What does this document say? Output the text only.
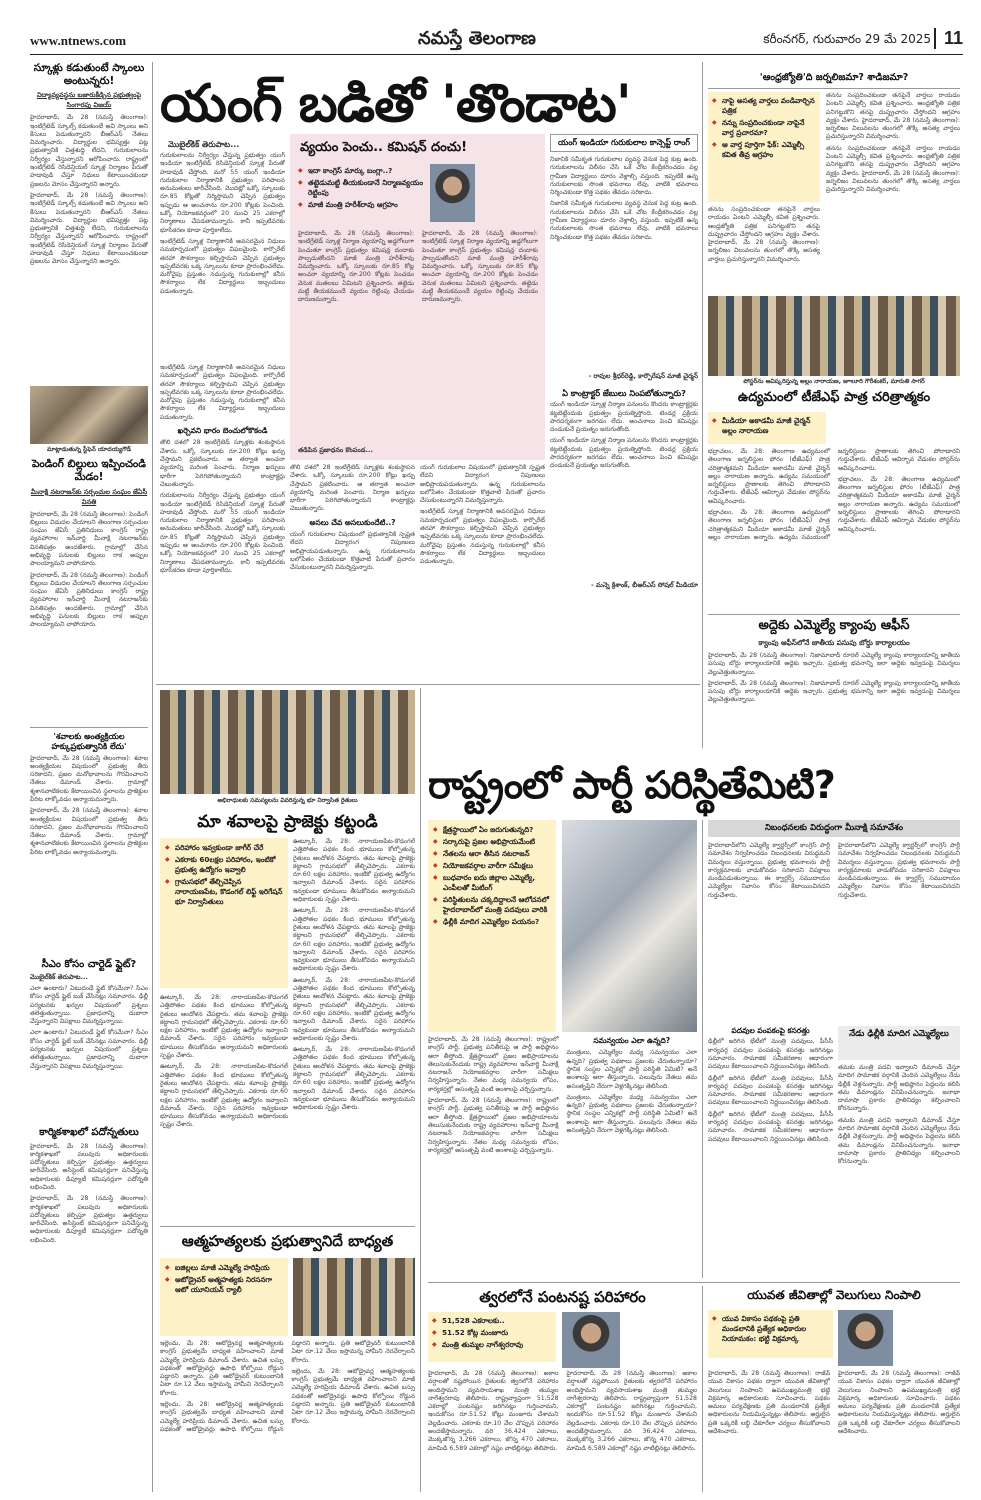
www.ntnews.com	నమస్తే తెలంగాణ	కరీంనగర్, గురువారం 29 మే 2025 11
స్కూళ్లు కడుతుంటే స్కాంలు అంటున్నరు!
విద్యావ్యవస్థను బజారుకీడ్చిన ప్రభుత్వంపై సింగారపు విజయ్

హైదరాబాద్, మే 28 (నమస్తే తెలంగాణ): ఇంటిగ్రేటెడ్ స్కూల్స్ కడుతుంటే అవి స్కాంలు అని కేసులు పెడుతున్నారని బీఆర్ఎస్ నేతలు విమర్శించారు. విద్యార్థుల భవిష్యత్తు పట్ల ప్రభుత్వానికి చిత్తశుద్ధి లేదని, గురుకులాలను నిర్వీర్యం చేస్తున్నారని ఆరోపించారు. రాష్ట్రంలో ఇంటిగ్రేటెడ్ రెసిడెన్షియల్ స్కూళ్ల నిర్మాణం పేరుతో హడావుడి చేస్తూ నిధులు కేటాయించకుండా ప్రజలను మోసం చేస్తున్నారని అన్నారు.

హైదరాబాద్, మే 28 (నమస్తే తెలంగాణ): ఇంటిగ్రేటెడ్ స్కూల్స్ కడుతుంటే అవి స్కాంలు అని కేసులు పెడుతున్నారని బీఆర్ఎస్ నేతలు విమర్శించారు. విద్యార్థుల భవిష్యత్తు పట్ల ప్రభుత్వానికి చిత్తశుద్ధి లేదని, గురుకులాలను నిర్వీర్యం చేస్తున్నారని ఆరోపించారు. రాష్ట్రంలో ఇంటిగ్రేటెడ్ రెసిడెన్షియల్ స్కూళ్ల నిర్మాణం పేరుతో హడావుడి చేస్తూ నిధులు కేటాయించకుండా ప్రజలను మోసం చేస్తున్నారని అన్నారు.

మాట్లాడుతున్న స్టీఫెన్ యాదయ్యగౌడ్
పెండింగ్ బిల్లులు ఇప్పించండి మేడం!
మీనాక్షి నటరాజన్‌కు సర్పంచుల సంఘం జేఏసీ వినతి

హైదరాబాద్, మే 28 (నమస్తే తెలంగాణ): పెండింగ్ బిల్లులు విడుదల చేయాలని తెలంగాణ సర్పంచుల సంఘం జేఏసీ ప్రతినిధులు కాంగ్రెస్ రాష్ట్ర వ్యవహారాల ఇన్‌చార్జి మీనాక్షి నటరాజన్‌కు వినతిపత్రం అందజేశారు. గ్రామాల్లో చేసిన అభివృద్ధి పనులకు బిల్లులు రాక అప్పుల పాలయ్యామని వాపోయారు.

హైదరాబాద్, మే 28 (నమస్తే తెలంగాణ): పెండింగ్ బిల్లులు విడుదల చేయాలని తెలంగాణ సర్పంచుల సంఘం జేఏసీ ప్రతినిధులు కాంగ్రెస్ రాష్ట్ర వ్యవహారాల ఇన్‌చార్జి మీనాక్షి నటరాజన్‌కు వినతిపత్రం అందజేశారు. గ్రామాల్లో చేసిన అభివృద్ధి పనులకు బిల్లులు రాక అప్పుల పాలయ్యామని వాపోయారు.

'శవాలకు అంత్యక్రియల హక్కుప్రభుత్వానికి లేదు'

హైదరాబాద్, మే 28 (నమస్తే తెలంగాణ): శవాల అంత్యక్రియల విషయంలో ప్రభుత్వ తీరు సరికాదని, ప్రజల మనోభావాలను గౌరవించాలని నేతలు డిమాండ్ చేశారు. గ్రామాల్లో శ్మశానవాటికలకు కేటాయించిన స్థలాలను ప్రాజెక్టుల పేరిట లాక్కోవడం అన్యాయమన్నారు.

హైదరాబాద్, మే 28 (నమస్తే తెలంగాణ): శవాల అంత్యక్రియల విషయంలో ప్రభుత్వ తీరు సరికాదని, ప్రజల మనోభావాలను గౌరవించాలని నేతలు డిమాండ్ చేశారు. గ్రామాల్లో శ్మశానవాటికలకు కేటాయించిన స్థలాలను ప్రాజెక్టుల పేరిట లాక్కోవడం అన్యాయమన్నారు.

సీఎం కోసం చార్టెడ్ ఫ్లైట్?
మొబైల్‌కిక్ తెరుపాట...

ఎలా ఉంటారు? ఏటుదండే ఫ్లైట్ కోసమేనా? సీఎం కోసం చార్టెడ్ ఫ్లైట్ బుక్ చేసినట్లు సమాచారం. ఢిల్లీ పర్యటనకు ఖర్చుల విషయంలో ప్రశ్నలు తలెత్తుతున్నాయి. ప్రజాధనాన్ని దుబారా చేస్తున్నారని విపక్షాలు విమర్శిస్తున్నాయి.

ఎలా ఉంటారు? ఏటుదండే ఫ్లైట్ కోసమేనా? సీఎం కోసం చార్టెడ్ ఫ్లైట్ బుక్ చేసినట్లు సమాచారం. ఢిల్లీ పర్యటనకు ఖర్చుల విషయంలో ప్రశ్నలు తలెత్తుతున్నాయి. ప్రజాధనాన్ని దుబారా చేస్తున్నారని విపక్షాలు విమర్శిస్తున్నాయి.

కార్మికశాఖలో పదోన్నతులు

హైదరాబాద్, మే 28 (నమస్తే తెలంగాణ): కార్మికశాఖలో పలువురు అధికారులకు పదోన్నతులు కల్పిస్తూ ప్రభుత్వం ఉత్తర్వులు జారీచేసింది. అసిస్టెంట్ కమిషనర్లుగా పనిచేస్తున్న అధికారులకు డిప్యూటీ కమిషనర్లుగా పదోన్నతి లభించింది.

హైదరాబాద్, మే 28 (నమస్తే తెలంగాణ): కార్మికశాఖలో పలువురు అధికారులకు పదోన్నతులు కల్పిస్తూ ప్రభుత్వం ఉత్తర్వులు జారీచేసింది. అసిస్టెంట్ కమిషనర్లుగా పనిచేస్తున్న అధికారులకు డిప్యూటీ కమిషనర్లుగా పదోన్నతి లభించింది.

యంగ్ బడితో 'తొండాట'
మొబైల్‌కిక్ తెరుపాట...

గురుకులాలను నిర్వీర్యం చేస్తున్న ప్రభుత్వం యంగ్ ఇండియా ఇంటిగ్రేటెడ్ రెసిడెన్షియల్ స్కూళ్ల పేరుతో హడావుడి చేస్తోంది. మరో 55 యంగ్ ఇండియా గురుకులాల నిర్మాణానికి ప్రభుత్వం పరిపాలన అనుమతులు జారీచేసింది. మొదట్లో ఒక్కో స్కూలుకు రూ.85 కోట్లతో నిర్మిస్తామని చెప్పిన ప్రభుత్వం ఇప్పుడు ఆ అంచనాను రూ.200 కోట్లకు పెంచింది. ఒక్కో నియోజకవర్గంలో 20 నుంచి 25 ఎకరాల్లో నిర్మాణాలు చేపడతామన్నారు. కానీ ఇప్పటివరకు భూసేకరణ కూడా పూర్తికాలేదు.

ఇంటిగ్రేటెడ్ స్కూళ్ల నిర్మాణానికి అవసరమైన నిధులు సమకూర్చడంలో ప్రభుత్వం విఫలమైంది. కార్పొరేట్ తరహా సౌకర్యాలు కల్పిస్తామని చెప్పిన ప్రభుత్వం ఇప్పటివరకు ఒక్క స్కూలును కూడా ప్రారంభించలేదు. మరోవైపు ప్రస్తుతం నడుస్తున్న గురుకులాల్లో కనీస సౌకర్యాలు లేక విద్యార్థులు ఇబ్బందులు పడుతున్నారు.

వ్యయం పెంచు.. కమిషన్ దంచు!
◆ ఇదా కాంగ్రెస్ మార్కు బంగ్లా..?
◆ తట్టెడుమట్టి తీయకుండానే నిర్మాణవ్యయం రెట్టింపు
◆ మాజీ మంత్రి హరీశ్‌రావు ఆగ్రహం

హైదరాబాద్, మే 28 (నమస్తే తెలంగాణ): ఇంటిగ్రేటెడ్ స్కూళ్ల నిర్మాణ వ్యయాన్ని అడ్డగోలుగా పెంచుతూ కాంగ్రెస్ ప్రభుత్వం కమిషన్ల దందాకు పాల్పడుతోందని మాజీ మంత్రి హరీశ్‌రావు విమర్శించారు. ఒక్కో స్కూలుకు రూ.85 కోట్ల అంచనా వ్యయాన్ని రూ.200 కోట్లకు పెంచడం వెనుక మతలబు ఏమిటని ప్రశ్నించారు. తట్టెడు మట్టి తీయకముందే వ్యయం రెట్టింపు చేయడం దారుణమన్నారు.

హైదరాబాద్, మే 28 (నమస్తే తెలంగాణ): ఇంటిగ్రేటెడ్ స్కూళ్ల నిర్మాణ వ్యయాన్ని అడ్డగోలుగా పెంచుతూ కాంగ్రెస్ ప్రభుత్వం కమిషన్ల దందాకు పాల్పడుతోందని మాజీ మంత్రి హరీశ్‌రావు విమర్శించారు. ఒక్కో స్కూలుకు రూ.85 కోట్ల అంచనా వ్యయాన్ని రూ.200 కోట్లకు పెంచడం వెనుక మతలబు ఏమిటని ప్రశ్నించారు. తట్టెడు మట్టి తీయకముందే వ్యయం రెట్టింపు చేయడం దారుణమన్నారు.

తడిపిన ప్రజాధనం కొంపండ...
యంగ్ ఇండియా గురుకులాల కాన్సెప్ట్ రాంగ్

నిజానికి సమీకృత గురుకులాల వ్యవస్థ వెనుక పెద్ద కుట్ర ఉంది. గురుకులాలను విలీనం చేసి ఒకే చోట కేంద్రీకరించడం వల్ల గ్రామీణ విద్యార్థులు దూరం వెళ్లాల్సి వస్తుంది. ఇప్పటికే ఉన్న గురుకులాలకు సొంత భవనాలు లేవు. వాటికి భవనాలు నిర్మించకుండా కొత్త పథకం తేవడం సరికాదు.

నిజానికి సమీకృత గురుకులాల వ్యవస్థ వెనుక పెద్ద కుట్ర ఉంది. గురుకులాలను విలీనం చేసి ఒకే చోట కేంద్రీకరించడం వల్ల గ్రామీణ విద్యార్థులు దూరం వెళ్లాల్సి వస్తుంది. ఇప్పటికే ఉన్న గురుకులాలకు సొంత భవనాలు లేవు. వాటికి భవనాలు నిర్మించకుండా కొత్త పథకం తేవడం సరికాదు.

- రావుల శ్రీధర్‌రెడ్డి, కార్పొరేషన్ మాజీ చైర్మన్
ఏ కాంట్రాక్టర్ జేబులు నింపబోతున్నారు?

యంగ్ ఇండియా స్కూళ్ల నిర్మాణ పనులను కొందరు కాంట్రాక్టర్లకు కట్టబెట్టేందుకు ప్రభుత్వం ప్రయత్నిస్తోంది. టెండర్ల ప్రక్రియ పారదర్శకంగా జరగడం లేదు. అంచనాలు పెంచి కమిషన్లు దండుకునే ప్రయత్నం జరుగుతోంది.

యంగ్ ఇండియా స్కూళ్ల నిర్మాణ పనులను కొందరు కాంట్రాక్టర్లకు కట్టబెట్టేందుకు ప్రభుత్వం ప్రయత్నిస్తోంది. టెండర్ల ప్రక్రియ పారదర్శకంగా జరగడం లేదు. అంచనాలు పెంచి కమిషన్లు దండుకునే ప్రయత్నం జరుగుతోంది.

- మన్నె క్రిశాంక్, బీఆర్ఎస్ సోషల్ మీడియా

ఇంటిగ్రేటెడ్ స్కూళ్ల నిర్మాణానికి అవసరమైన నిధులు సమకూర్చడంలో ప్రభుత్వం విఫలమైంది. కార్పొరేట్ తరహా సౌకర్యాలు కల్పిస్తామని చెప్పిన ప్రభుత్వం ఇప్పటివరకు ఒక్క స్కూలును కూడా ప్రారంభించలేదు. మరోవైపు ప్రస్తుతం నడుస్తున్న గురుకులాల్లో కనీస సౌకర్యాలు లేక విద్యార్థులు ఇబ్బందులు పడుతున్నారు.

ఖర్చెవని భారం బెంచులోకొకండి

తొలి దశలో 28 ఇంటిగ్రేటెడ్ స్కూళ్లకు శంకుస్థాపన చేశారు. ఒక్కో స్కూలుకు రూ.200 కోట్లు ఖర్చు చేస్తామని ప్రకటించారు. ఆ తర్వాత అంచనా వ్యయాన్ని మరింత పెంచారు. నిర్మాణ ఖర్చులు భారీగా పెరిగిపోతున్నాయని కాంట్రాక్టర్లు చెబుతున్నారు.

గురుకులాలను నిర్వీర్యం చేస్తున్న ప్రభుత్వం యంగ్ ఇండియా ఇంటిగ్రేటెడ్ రెసిడెన్షియల్ స్కూళ్ల పేరుతో హడావుడి చేస్తోంది. మరో 55 యంగ్ ఇండియా గురుకులాల నిర్మాణానికి ప్రభుత్వం పరిపాలన అనుమతులు జారీచేసింది. మొదట్లో ఒక్కో స్కూలుకు రూ.85 కోట్లతో నిర్మిస్తామని చెప్పిన ప్రభుత్వం ఇప్పుడు ఆ అంచనాను రూ.200 కోట్లకు పెంచింది. ఒక్కో నియోజకవర్గంలో 20 నుంచి 25 ఎకరాల్లో నిర్మాణాలు చేపడతామన్నారు. కానీ ఇప్పటివరకు భూసేకరణ కూడా పూర్తికాలేదు.

తొలి దశలో 28 ఇంటిగ్రేటెడ్ స్కూళ్లకు శంకుస్థాపన చేశారు. ఒక్కో స్కూలుకు రూ.200 కోట్లు ఖర్చు చేస్తామని ప్రకటించారు. ఆ తర్వాత అంచనా వ్యయాన్ని మరింత పెంచారు. నిర్మాణ ఖర్చులు భారీగా పెరిగిపోతున్నాయని కాంట్రాక్టర్లు చెబుతున్నారు.

అసలు చేవ అసలుకుందేటి..?

యంగ్ గురుకులాల విషయంలో ప్రభుత్వానికి స్పష్టత లేదని విద్యారంగ నిపుణులు అభిప్రాయపడుతున్నారు. ఉన్న గురుకులాలను బలోపేతం చేయకుండా కొత్తవాటి పేరుతో ప్రచారం చేసుకుంటున్నారని విమర్శిస్తున్నారు.

యంగ్ గురుకులాల విషయంలో ప్రభుత్వానికి స్పష్టత లేదని విద్యారంగ నిపుణులు అభిప్రాయపడుతున్నారు. ఉన్న గురుకులాలను బలోపేతం చేయకుండా కొత్తవాటి పేరుతో ప్రచారం చేసుకుంటున్నారని విమర్శిస్తున్నారు.

ఇంటిగ్రేటెడ్ స్కూళ్ల నిర్మాణానికి అవసరమైన నిధులు సమకూర్చడంలో ప్రభుత్వం విఫలమైంది. కార్పొరేట్ తరహా సౌకర్యాలు కల్పిస్తామని చెప్పిన ప్రభుత్వం ఇప్పటివరకు ఒక్క స్కూలును కూడా ప్రారంభించలేదు. మరోవైపు ప్రస్తుతం నడుస్తున్న గురుకులాల్లో కనీస సౌకర్యాలు లేక విద్యార్థులు ఇబ్బందులు పడుతున్నారు.

'ఆంధ్రజ్యోతి'ది జర్నలిజమా? శాడిజమా?
◆ నాపై అసత్య వార్తలు వండివార్చిన పత్రిక
◆ నన్ను సంప్రదించకుండా నాపైనే వార్త ప్రచారమా?
◆ ఆ వార్త పూర్తిగా ఫేక్: ఎమ్మెల్సీ కవిత తీవ్ర ఆగ్రహం

తనను సంప్రదించకుండా తనపైనే వార్తలు రాయడం ఏంటని ఎమ్మెల్సీ కవిత ప్రశ్నించారు. ఆంధ్రజ్యోతి పత్రిక పనిగట్టుకొని తనపై దుష్ప్రచారం చేస్తోందని ఆగ్రహం వ్యక్తం చేశారు. హైదరాబాద్, మే 28 (నమస్తే తెలంగాణ): జర్నలిజం విలువలను తుంగలో తొక్కి అసత్య వార్తలు ప్రచురిస్తున్నారని విమర్శించారు.

తనను సంప్రదించకుండా తనపైనే వార్తలు రాయడం ఏంటని ఎమ్మెల్సీ కవిత ప్రశ్నించారు. ఆంధ్రజ్యోతి పత్రిక పనిగట్టుకొని తనపై దుష్ప్రచారం చేస్తోందని ఆగ్రహం వ్యక్తం చేశారు. హైదరాబాద్, మే 28 (నమస్తే తెలంగాణ): జర్నలిజం విలువలను తుంగలో తొక్కి అసత్య వార్తలు ప్రచురిస్తున్నారని విమర్శించారు.

తనను సంప్రదించకుండా తనపైనే వార్తలు రాయడం ఏంటని ఎమ్మెల్సీ కవిత ప్రశ్నించారు. ఆంధ్రజ్యోతి పత్రిక పనిగట్టుకొని తనపై దుష్ప్రచారం చేస్తోందని ఆగ్రహం వ్యక్తం చేశారు. హైదరాబాద్, మే 28 (నమస్తే తెలంగాణ): జర్నలిజం విలువలను తుంగలో తొక్కి అసత్య వార్తలు ప్రచురిస్తున్నారని విమర్శించారు.

పోస్టర్‌ను ఆవిష్కరిస్తున్న అల్లం నారాయణ, జూలూరి గౌరీశంకర్, మారుతి సాగర్
ఉద్యమంలో టీజేఎఫ్ పాత్ర చరిత్రాత్మకం
◆ మీడియా అకాడమీ మాజీ చైర్మన్ అల్లం నారాయణ

భద్రాచలం, మే 28: తెలంగాణ ఉద్యమంలో తెలంగాణ జర్నలిస్టుల ఫోరం (టీజేఎఫ్) పాత్ర చరిత్రాత్మకమని మీడియా అకాడమీ మాజీ చైర్మన్ అల్లం నారాయణ అన్నారు. ఉద్యమ సమయంలో జర్నలిస్టులు ప్రాణాలకు తెగించి పోరాడారని గుర్తుచేశారు. టీజేఎఫ్ ఆవిర్భావ వేడుకల పోస్టర్‌ను ఆవిష్కరించారు.

భద్రాచలం, మే 28: తెలంగాణ ఉద్యమంలో తెలంగాణ జర్నలిస్టుల ఫోరం (టీజేఎఫ్) పాత్ర చరిత్రాత్మకమని మీడియా అకాడమీ మాజీ చైర్మన్ అల్లం నారాయణ అన్నారు. ఉద్యమ సమయంలో జర్నలిస్టులు ప్రాణాలకు తెగించి పోరాడారని గుర్తుచేశారు. టీజేఎఫ్ ఆవిర్భావ వేడుకల పోస్టర్‌ను ఆవిష్కరించారు.

భద్రాచలం, మే 28: తెలంగాణ ఉద్యమంలో తెలంగాణ జర్నలిస్టుల ఫోరం (టీజేఎఫ్) పాత్ర చరిత్రాత్మకమని మీడియా అకాడమీ మాజీ చైర్మన్ అల్లం నారాయణ అన్నారు. ఉద్యమ సమయంలో జర్నలిస్టులు ప్రాణాలకు తెగించి పోరాడారని గుర్తుచేశారు. టీజేఎఫ్ ఆవిర్భావ వేడుకల పోస్టర్‌ను ఆవిష్కరించారు.

అద్దెకు ఎమ్మెల్యే క్యాంపు ఆఫీస్
క్యాంపు ఆఫీస్‌లోనే జాతీయ పసుపు బోర్డు కార్యాలయం

హైదరాబాద్, మే 28 (నమస్తే తెలంగాణ): నిజామాబాద్ రూరల్ ఎమ్మెల్యే క్యాంపు కార్యాలయాన్ని జాతీయ పసుపు బోర్డు కార్యాలయానికి అద్దెకు ఇచ్చారు. ప్రభుత్వ భవనాన్ని ఇలా అద్దెకు ఇవ్వడంపై విమర్శలు వెల్లువెత్తుతున్నాయి.

హైదరాబాద్, మే 28 (నమస్తే తెలంగాణ): నిజామాబాద్ రూరల్ ఎమ్మెల్యే క్యాంపు కార్యాలయాన్ని జాతీయ పసుపు బోర్డు కార్యాలయానికి అద్దెకు ఇచ్చారు. ప్రభుత్వ భవనాన్ని ఇలా అద్దెకు ఇవ్వడంపై విమర్శలు వెల్లువెత్తుతున్నాయి.

అభిరాధులకు సమస్యలను వివరిస్తున్న భూ నిర్వాసిత రైతులు
మా శవాలపై ప్రాజెక్టు కట్టండి
◆ పరిహారం ఇవ్వకుండా జాగీర్ చేరే
◆ ఎకరాకు 60లక్షల పరిహారం, ఇంటికో ప్రభుత్వ ఉద్యోగం ఇవ్వాలి
◆ గ్రామసభలో తేల్చిచెప్పిన నారాయణపేట, కొడంగల్ లిఫ్ట్ ఇరిగేషన్ భూ నిర్వాసితులు

ఊట్కూర్, మే 28: నారాయణపేట-కొడంగల్ ఎత్తిపోతల పథకం కింద భూములు కోల్పోతున్న రైతులు ఆందోళన చేపట్టారు. తమ శవాలపై ప్రాజెక్టు కట్టాలని గ్రామసభలో తేల్చిచెప్పారు. ఎకరాకు రూ.60 లక్షల పరిహారం, ఇంటికో ప్రభుత్వ ఉద్యోగం ఇవ్వాలని డిమాండ్ చేశారు. సరైన పరిహారం ఇవ్వకుండా భూములు తీసుకోవడం అన్యాయమని అధికారులకు స్పష్టం చేశారు.

ఊట్కూర్, మే 28: నారాయణపేట-కొడంగల్ ఎత్తిపోతల పథకం కింద భూములు కోల్పోతున్న రైతులు ఆందోళన చేపట్టారు. తమ శవాలపై ప్రాజెక్టు కట్టాలని గ్రామసభలో తేల్చిచెప్పారు. ఎకరాకు రూ.60 లక్షల పరిహారం, ఇంటికో ప్రభుత్వ ఉద్యోగం ఇవ్వాలని డిమాండ్ చేశారు. సరైన పరిహారం ఇవ్వకుండా భూములు తీసుకోవడం అన్యాయమని అధికారులకు స్పష్టం చేశారు.

ఊట్కూర్, మే 28: నారాయణపేట-కొడంగల్ ఎత్తిపోతల పథకం కింద భూములు కోల్పోతున్న రైతులు ఆందోళన చేపట్టారు. తమ శవాలపై ప్రాజెక్టు కట్టాలని గ్రామసభలో తేల్చిచెప్పారు. ఎకరాకు రూ.60 లక్షల పరిహారం, ఇంటికో ప్రభుత్వ ఉద్యోగం ఇవ్వాలని డిమాండ్ చేశారు. సరైన పరిహారం ఇవ్వకుండా భూములు తీసుకోవడం అన్యాయమని అధికారులకు స్పష్టం చేశారు.

ఊట్కూర్, మే 28: నారాయణపేట-కొడంగల్ ఎత్తిపోతల పథకం కింద భూములు కోల్పోతున్న రైతులు ఆందోళన చేపట్టారు. తమ శవాలపై ప్రాజెక్టు కట్టాలని గ్రామసభలో తేల్చిచెప్పారు. ఎకరాకు రూ.60 లక్షల పరిహారం, ఇంటికో ప్రభుత్వ ఉద్యోగం ఇవ్వాలని డిమాండ్ చేశారు. సరైన పరిహారం ఇవ్వకుండా భూములు తీసుకోవడం అన్యాయమని అధికారులకు స్పష్టం చేశారు.

ఊట్కూర్, మే 28: నారాయణపేట-కొడంగల్ ఎత్తిపోతల పథకం కింద భూములు కోల్పోతున్న రైతులు ఆందోళన చేపట్టారు. తమ శవాలపై ప్రాజెక్టు కట్టాలని గ్రామసభలో తేల్చిచెప్పారు. ఎకరాకు రూ.60 లక్షల పరిహారం, ఇంటికో ప్రభుత్వ ఉద్యోగం ఇవ్వాలని డిమాండ్ చేశారు. సరైన పరిహారం ఇవ్వకుండా భూములు తీసుకోవడం అన్యాయమని అధికారులకు స్పష్టం చేశారు.

ఊట్కూర్, మే 28: నారాయణపేట-కొడంగల్ ఎత్తిపోతల పథకం కింద భూములు కోల్పోతున్న రైతులు ఆందోళన చేపట్టారు. తమ శవాలపై ప్రాజెక్టు కట్టాలని గ్రామసభలో తేల్చిచెప్పారు. ఎకరాకు రూ.60 లక్షల పరిహారం, ఇంటికో ప్రభుత్వ ఉద్యోగం ఇవ్వాలని డిమాండ్ చేశారు. సరైన పరిహారం ఇవ్వకుండా భూములు తీసుకోవడం అన్యాయమని అధికారులకు స్పష్టం చేశారు.

ఆత్మహత్యలకు ప్రభుత్వానిదే బాధ్యత
◆ ఐజిల్లలు మాజీ ఎమ్మెల్యే హరిప్రియ
◆ ఆటోడ్రైవర్ ఆత్మహత్యకు నిరసనగా ఆటో యూనియన్ ర్యాలీ

ఇల్లెందు, మే 28: ఆటోడ్రైవర్ల ఆత్మహత్యలకు కాంగ్రెస్ ప్రభుత్వమే బాధ్యత వహించాలని మాజీ ఎమ్మెల్యే హరిప్రియ డిమాండ్ చేశారు. ఉచిత బస్సు పథకంతో ఆటోడ్రైవర్లు ఉపాధి కోల్పోయి రోడ్డున పడ్డారని అన్నారు. ప్రతి ఆటోడ్రైవర్ కుటుంబానికి ఏటా రూ.12 వేలు ఇస్తామన్న హామీని నెరవేర్చాలని కోరారు.

ఇల్లెందు, మే 28: ఆటోడ్రైవర్ల ఆత్మహత్యలకు కాంగ్రెస్ ప్రభుత్వమే బాధ్యత వహించాలని మాజీ ఎమ్మెల్యే హరిప్రియ డిమాండ్ చేశారు. ఉచిత బస్సు పథకంతో ఆటోడ్రైవర్లు ఉపాధి కోల్పోయి రోడ్డున పడ్డారని అన్నారు. ప్రతి ఆటోడ్రైవర్ కుటుంబానికి ఏటా రూ.12 వేలు ఇస్తామన్న హామీని నెరవేర్చాలని కోరారు.

ఇల్లెందు, మే 28: ఆటోడ్రైవర్ల ఆత్మహత్యలకు కాంగ్రెస్ ప్రభుత్వమే బాధ్యత వహించాలని మాజీ ఎమ్మెల్యే హరిప్రియ డిమాండ్ చేశారు. ఉచిత బస్సు పథకంతో ఆటోడ్రైవర్లు ఉపాధి కోల్పోయి రోడ్డున పడ్డారని అన్నారు. ప్రతి ఆటోడ్రైవర్ కుటుంబానికి ఏటా రూ.12 వేలు ఇస్తామన్న హామీని నెరవేర్చాలని కోరారు.

రాష్ట్రంలో పార్టీ పరిస్థితేమిటి?
◆ క్షేత్రస్థాయిలో ఏం జరుగుతున్నది?
◆ సర్కారుపై ప్రజల అభిప్రాయమేంటి
◆ నేతలను ఆరా తీసిన నటరాజన్
◆ నియోజకవర్గాల వారీగా సమీక్షలు
◆ బుధవారం ఐదు జిల్లాల ఎమ్మెల్యే, ఎంపీలతో మీటింగ్
◆ పరిస్థితులను చక్కదిద్దాలనే ఆలోచనలో హైదరాబాద్‌లో మంత్రి పదవులు వారికి
◆ ఢిల్లీకి మాదిగ ఎమ్మెల్యేల పయనం?

హైదరాబాద్, మే 28 (నమస్తే తెలంగాణ): రాష్ట్రంలో కాంగ్రెస్ పార్టీ, ప్రభుత్వ పనితీరుపై ఆ పార్టీ అధిష్ఠానం ఆరా తీస్తోంది. క్షేత్రస్థాయిలో ప్రజల అభిప్రాయాలను తెలుసుకునేందుకు రాష్ట్ర వ్యవహారాల ఇన్‌చార్జి మీనాక్షి నటరాజన్ నియోజకవర్గాల వారీగా సమీక్షలు నిర్వహిస్తున్నారు. నేతల మధ్య సమన్వయ లోపం, కార్యకర్తల్లో అసంతృప్తి వంటి అంశాలపై చర్చిస్తున్నారు.

హైదరాబాద్, మే 28 (నమస్తే తెలంగాణ): రాష్ట్రంలో కాంగ్రెస్ పార్టీ, ప్రభుత్వ పనితీరుపై ఆ పార్టీ అధిష్ఠానం ఆరా తీస్తోంది. క్షేత్రస్థాయిలో ప్రజల అభిప్రాయాలను తెలుసుకునేందుకు రాష్ట్ర వ్యవహారాల ఇన్‌చార్జి మీనాక్షి నటరాజన్ నియోజకవర్గాల వారీగా సమీక్షలు నిర్వహిస్తున్నారు. నేతల మధ్య సమన్వయ లోపం, కార్యకర్తల్లో అసంతృప్తి వంటి అంశాలపై చర్చిస్తున్నారు.

సమన్వయం ఎలా ఉన్నది?

మంత్రులు, ఎమ్మెల్యేల మధ్య సమన్వయం ఎలా ఉన్నది? ప్రభుత్వ పథకాలు ప్రజలకు చేరుతున్నాయా? స్థానిక సంస్థల ఎన్నికల్లో పార్టీ పరిస్థితి ఏమిటి? అనే అంశాలపై ఆరా తీస్తున్నారు. పలువురు నేతలు తమ అసంతృప్తిని నేరుగా వెళ్లగక్కినట్లు తెలిసింది.

మంత్రులు, ఎమ్మెల్యేల మధ్య సమన్వయం ఎలా ఉన్నది? ప్రభుత్వ పథకాలు ప్రజలకు చేరుతున్నాయా? స్థానిక సంస్థల ఎన్నికల్లో పార్టీ పరిస్థితి ఏమిటి? అనే అంశాలపై ఆరా తీస్తున్నారు. పలువురు నేతలు తమ అసంతృప్తిని నేరుగా వెళ్లగక్కినట్లు తెలిసింది.

నిబంధనలకు విరుద్ధంగా మీనాక్షి సమావేశం

హైదరాబాద్‌లోని ఎమ్మెల్యే క్వార్టర్స్‌లో కాంగ్రెస్ పార్టీ సమావేశం నిర్వహించడం నిబంధనలకు విరుద్ధమని విమర్శలు వస్తున్నాయి. ప్రభుత్వ భవనాలను పార్టీ కార్యక్రమాలకు వాడుకోవడం సరికాదని విపక్షాలు మండిపడుతున్నాయి. ఈ క్వార్టర్స్ సముదాయం ఎమ్మెల్యేల నివాసం కోసం కేటాయించినదని గుర్తుచేశారు.

హైదరాబాద్‌లోని ఎమ్మెల్యే క్వార్టర్స్‌లో కాంగ్రెస్ పార్టీ సమావేశం నిర్వహించడం నిబంధనలకు విరుద్ధమని విమర్శలు వస్తున్నాయి. ప్రభుత్వ భవనాలను పార్టీ కార్యక్రమాలకు వాడుకోవడం సరికాదని విపక్షాలు మండిపడుతున్నాయి. ఈ క్వార్టర్స్ సముదాయం ఎమ్మెల్యేల నివాసం కోసం కేటాయించినదని గుర్తుచేశారు.

పదవుల పంపకంపై కసరత్తు

ఢిల్లీలో జరిగిన భేటీలో మంత్రి పదవులు, పీసీసీ కార్యవర్గ పదవుల పంపకంపై కసరత్తు జరిగినట్లు సమాచారం. సామాజిక సమీకరణాల ఆధారంగా పదవులు కేటాయించాలని నిర్ణయించినట్లు తెలిసింది.

ఢిల్లీలో జరిగిన భేటీలో మంత్రి పదవులు, పీసీసీ కార్యవర్గ పదవుల పంపకంపై కసరత్తు జరిగినట్లు సమాచారం. సామాజిక సమీకరణాల ఆధారంగా పదవులు కేటాయించాలని నిర్ణయించినట్లు తెలిసింది.

ఢిల్లీలో జరిగిన భేటీలో మంత్రి పదవులు, పీసీసీ కార్యవర్గ పదవుల పంపకంపై కసరత్తు జరిగినట్లు సమాచారం. సామాజిక సమీకరణాల ఆధారంగా పదవులు కేటాయించాలని నిర్ణయించినట్లు తెలిసింది.

నేడు ఢిల్లీకి మాదిగ ఎమ్మెల్యేలు

తమకు మంత్రి పదవి ఇవ్వాలని డిమాండ్ చేస్తూ మాదిగ సామాజిక వర్గానికి చెందిన ఎమ్మెల్యేలు నేడు ఢిల్లీకి వెళ్లనున్నారు. పార్టీ అధిష్ఠానం పెద్దలను కలిసి తమ డిమాండ్లను వినిపించనున్నారు. జనాభా దామాషా ప్రకారం ప్రాతినిధ్యం కల్పించాలని కోరనున్నారు.

తమకు మంత్రి పదవి ఇవ్వాలని డిమాండ్ చేస్తూ మాదిగ సామాజిక వర్గానికి చెందిన ఎమ్మెల్యేలు నేడు ఢిల్లీకి వెళ్లనున్నారు. పార్టీ అధిష్ఠానం పెద్దలను కలిసి తమ డిమాండ్లను వినిపించనున్నారు. జనాభా దామాషా ప్రకారం ప్రాతినిధ్యం కల్పించాలని కోరనున్నారు.

త్వరలోనే పంటనష్ట పరిహారం
◆ 51,528 ఎకరాలకు..
◆ 51.52 కోట్ల మంజూరు
◆ మంత్రి తుమ్మల నాగేశ్వరరావు

హైదరాబాద్, మే 28 (నమస్తే తెలంగాణ): అకాల వర్షాలతో నష్టపోయిన రైతులకు త్వరలోనే పరిహారం అందిస్తామని వ్యవసాయశాఖ మంత్రి తుమ్మల నాగేశ్వరరావు తెలిపారు. రాష్ట్రవ్యాప్తంగా 51,528 ఎకరాల్లో పంటనష్టం జరిగినట్లు గుర్తించామని, ఇందుకోసం రూ.51.52 కోట్లు మంజూరు చేశామని వెల్లడించారు. ఎకరాకు రూ.10 వేల చొప్పున పరిహారం అందజేస్తామన్నారు. వరి 36,424 ఎకరాలు, మొక్కజొన్న 3,266 ఎకరాలు, జొన్న 470 ఎకరాలు, మామిడి 6,589 ఎకరాల్లో నష్టం వాటిల్లినట్లు తెలిపారు.

హైదరాబాద్, మే 28 (నమస్తే తెలంగాణ): అకాల వర్షాలతో నష్టపోయిన రైతులకు త్వరలోనే పరిహారం అందిస్తామని వ్యవసాయశాఖ మంత్రి తుమ్మల నాగేశ్వరరావు తెలిపారు. రాష్ట్రవ్యాప్తంగా 51,528 ఎకరాల్లో పంటనష్టం జరిగినట్లు గుర్తించామని, ఇందుకోసం రూ.51.52 కోట్లు మంజూరు చేశామని వెల్లడించారు. ఎకరాకు రూ.10 వేల చొప్పున పరిహారం అందజేస్తామన్నారు. వరి 36,424 ఎకరాలు, మొక్కజొన్న 3,266 ఎకరాలు, జొన్న 470 ఎకరాలు, మామిడి 6,589 ఎకరాల్లో నష్టం వాటిల్లినట్లు తెలిపారు.

యువత జీవితాల్లో వెలుగులు నింపాలి
◆ యువ వికాసం పథకంపై ప్రతి మండలానికి ప్రత్యేక అధికారుల నియామకం: భట్టి విక్రమార్క

హైదరాబాద్, మే 28 (నమస్తే తెలంగాణ): రాజీవ్ యువ వికాసం పథకం ద్వారా యువత జీవితాల్లో వెలుగులు నింపాలని ఉపముఖ్యమంత్రి భట్టి విక్రమార్క అధికారులకు సూచించారు. పథకం అమలు పర్యవేక్షణకు ప్రతి మండలానికి ప్రత్యేక అధికారులను నియమిస్తున్నట్లు తెలిపారు. అర్హులైన ప్రతి ఒక్కరికీ లబ్ధి చేకూరేలా చర్యలు తీసుకోవాలని ఆదేశించారు.

హైదరాబాద్, మే 28 (నమస్తే తెలంగాణ): రాజీవ్ యువ వికాసం పథకం ద్వారా యువత జీవితాల్లో వెలుగులు నింపాలని ఉపముఖ్యమంత్రి భట్టి విక్రమార్క అధికారులకు సూచించారు. పథకం అమలు పర్యవేక్షణకు ప్రతి మండలానికి ప్రత్యేక అధికారులను నియమిస్తున్నట్లు తెలిపారు. అర్హులైన ప్రతి ఒక్కరికీ లబ్ధి చేకూరేలా చర్యలు తీసుకోవాలని ఆదేశించారు.
